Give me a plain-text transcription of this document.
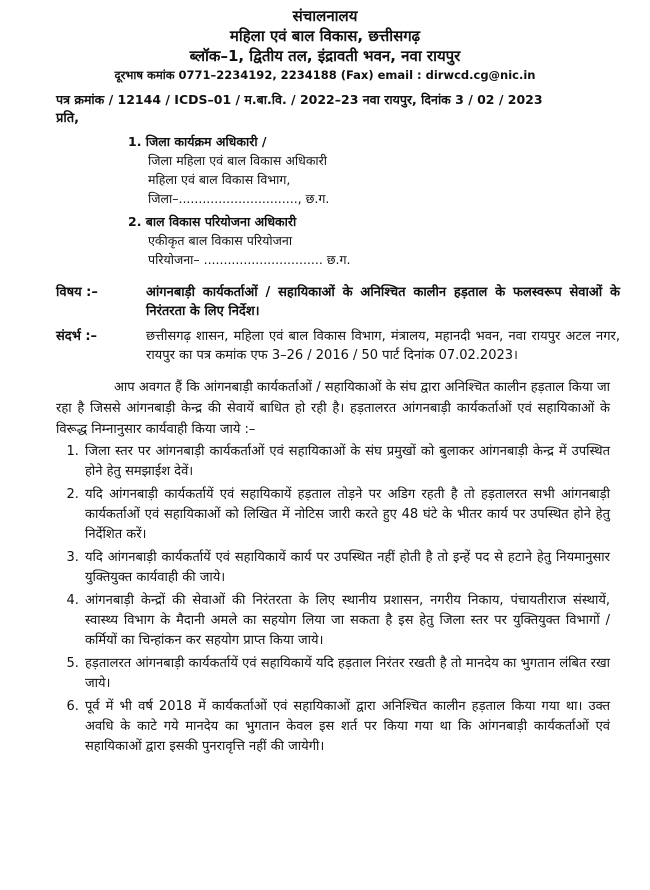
संचालनालय
महिला एवं बाल विकास, छत्तीसगढ़
ब्लॉक–1, द्वितीय तल, इंद्रावती भवन, नवा रायपुर
दूरभाष कमांक 0771–2234192, 2234188 (Fax) email : dirwcd.cg@nic.in
पत्र क्रमांक / 12144 / ICDS–01 / म.बा.वि. / 2022–23 नवा रायपुर, दिनांक 3 / 02 / 2023
प्रति,
1. जिला कार्यक्रम अधिकारी /
जिला महिला एवं बाल विकास अधिकारी
महिला एवं बाल विकास विभाग,
जिला–.............................., छ.ग.
2. बाल विकास परियोजना अधिकारी
एकीकृत बाल विकास परियोजना
परियोजना– .............................. छ.ग.
विषय :–	आंगनबाड़ी कार्यकर्ताओं / सहायिकाओं के अनिश्चित कालीन हड़ताल के फलस्वरूप सेवाओं के निरंतरता के लिए निर्देश।
संदर्भ :–	छत्तीसगढ़ शासन, महिला एवं बाल विकास विभाग, मंत्रालय, महानदी भवन, नवा रायपुर अटल नगर, रायपुर का पत्र कमांक एफ 3–26 / 2016 / 50 पार्ट दिनांक 07.02.2023।
आप अवगत हैं कि आंगनबाड़ी कार्यकर्ताओं / सहायिकाओं के संघ द्वारा अनिश्चित कालीन हड़ताल किया जा रहा है जिससे आंगनबाड़ी केन्द्र की सेवायें बाधित हो रही है। हड़तालरत आंगनबाड़ी कार्यकर्ताओं एवं सहायिकाओं के विरूद्ध निम्नानुसार कार्यवाही किया जाये :–
1. जिला स्तर पर आंगनबाड़ी कार्यकर्ताओं एवं सहायिकाओं के संघ प्रमुखों को बुलाकर आंगनबाड़ी केन्द्र में उपस्थित होने हेतु समझाईश देवें।
2. यदि आंगनबाड़ी कार्यकर्तायें एवं सहायिकायें हड़ताल तोड़ने पर अडिग रहती है तो हड़तालरत सभी आंगनबाड़ी कार्यकर्ताओं एवं सहायिकाओं को लिखित में नोटिस जारी करते हुए 48 घंटे के भीतर कार्य पर उपस्थित होने हेतु निर्देशित करें।
3. यदि आंगनबाड़ी कार्यकर्तायें एवं सहायिकायें कार्य पर उपस्थित नहीं होती है तो इन्हें पद से हटाने हेतु नियमानुसार युक्तियुक्त कार्यवाही की जाये।
4. आंगनबाड़ी केन्द्रों की सेवाओं की निरंतरता के लिए स्थानीय प्रशासन, नगरीय निकाय, पंचायतीराज संस्थायें, स्वास्थ्य विभाग के मैदानी अमले का सहयोग लिया जा सकता है इस हेतु जिला स्तर पर युक्तियुक्त विभागों / कर्मियों का चिन्हांकन कर सहयोग प्राप्त किया जाये।
5. हड़तालरत आंगनबाड़ी कार्यकर्तायें एवं सहायिकायें यदि हड़ताल निरंतर रखती है तो मानदेय का भुगतान लंबित रखा जाये।
6. पूर्व में भी वर्ष 2018 में कार्यकर्ताओं एवं सहायिकाओं द्वारा अनिश्चित कालीन हड़ताल किया गया था। उक्त अवधि के काटे गये मानदेय का भुगतान केवल इस शर्त पर किया गया था कि आंगनबाड़ी कार्यकर्ताओं एवं सहायिकाओं द्वारा इसकी पुनरावृत्ति नहीं की जायेगी।
